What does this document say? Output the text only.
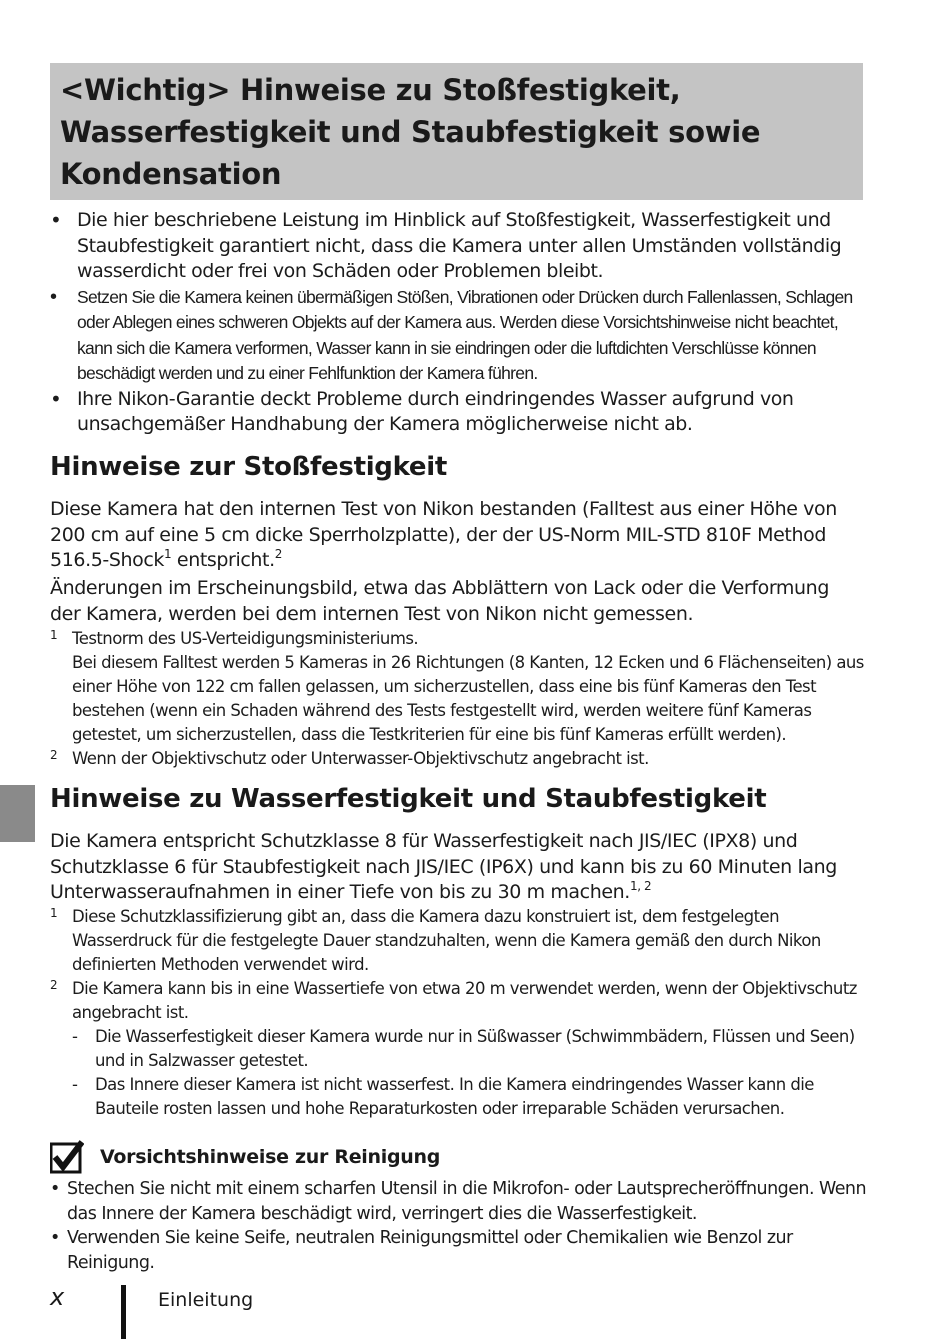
<Wichtig> Hinweise zu Stoßfestigkeit,
Wasserfestigkeit und Staubfestigkeit sowie
Kondensation
• Die hier beschriebene Leistung im Hinblick auf Stoßfestigkeit, Wasserfestigkeit und Staubfestigkeit garantiert nicht, dass die Kamera unter allen Umständen vollständig wasserdicht oder frei von Schäden oder Problemen bleibt.
• Setzen Sie die Kamera keinen übermäßigen Stößen, Vibrationen oder Drücken durch Fallenlassen, Schlagen oder Ablegen eines schweren Objekts auf der Kamera aus. Werden diese Vorsichtshinweise nicht beachtet, kann sich die Kamera verformen, Wasser kann in sie eindringen oder die luftdichten Verschlüsse können beschädigt werden und zu einer Fehlfunktion der Kamera führen.
• Ihre Nikon-Garantie deckt Probleme durch eindringendes Wasser aufgrund von unsachgemäßer Handhabung der Kamera möglicherweise nicht ab.
Hinweise zur Stoßfestigkeit

Diese Kamera hat den internen Test von Nikon bestanden (Falltest aus einer Höhe von 200 cm auf eine 5 cm dicke Sperrholzplatte), der der US-Norm MIL-STD 810F Method 516.5-Shock$^1$ entspricht.$^2$

Änderungen im Erscheinungsbild, etwa das Abblättern von Lack oder die Verformung der Kamera, werden bei dem internen Test von Nikon nicht gemessen.

1 Testnorm des US-Verteidigungsministeriums.
Bei diesem Falltest werden 5 Kameras in 26 Richtungen (8 Kanten, 12 Ecken und 6 Flächenseiten) aus einer Höhe von 122 cm fallen gelassen, um sicherzustellen, dass eine bis fünf Kameras den Test bestehen (wenn ein Schaden während des Tests festgestellt wird, werden weitere fünf Kameras getestet, um sicherzustellen, dass die Testkriterien für eine bis fünf Kameras erfüllt werden).
2 Wenn der Objektivschutz oder Unterwasser-Objektivschutz angebracht ist.
Hinweise zu Wasserfestigkeit und Staubfestigkeit

Die Kamera entspricht Schutzklasse 8 für Wasserfestigkeit nach JIS/IEC (IPX8) und Schutzklasse 6 für Staubfestigkeit nach JIS/IEC (IP6X) und kann bis zu 60 Minuten lang Unterwasseraufnahmen in einer Tiefe von bis zu 30 m machen.$^{1, 2}$

1 Diese Schutzklassifizierung gibt an, dass die Kamera dazu konstruiert ist, dem festgelegten Wasserdruck für die festgelegte Dauer standzuhalten, wenn die Kamera gemäß den durch Nikon definierten Methoden verwendet wird.
2 Die Kamera kann bis in eine Wassertiefe von etwa 20 m verwendet werden, wenn der Objektivschutz angebracht ist.
- Die Wasserfestigkeit dieser Kamera wurde nur in Süßwasser (Schwimmbädern, Flüssen und Seen) und in Salzwasser getestet.
- Das Innere dieser Kamera ist nicht wasserfest. In die Kamera eindringendes Wasser kann die Bauteile rosten lassen und hohe Reparaturkosten oder irreparable Schäden verursachen.
Vorsichtshinweise zur Reinigung
• Stechen Sie nicht mit einem scharfen Utensil in die Mikrofon- oder Lautsprecheröffnungen. Wenn das Innere der Kamera beschädigt wird, verringert dies die Wasserfestigkeit.
• Verwenden Sie keine Seife, neutralen Reinigungsmittel oder Chemikalien wie Benzol zur Reinigung.
x	Einleitung
